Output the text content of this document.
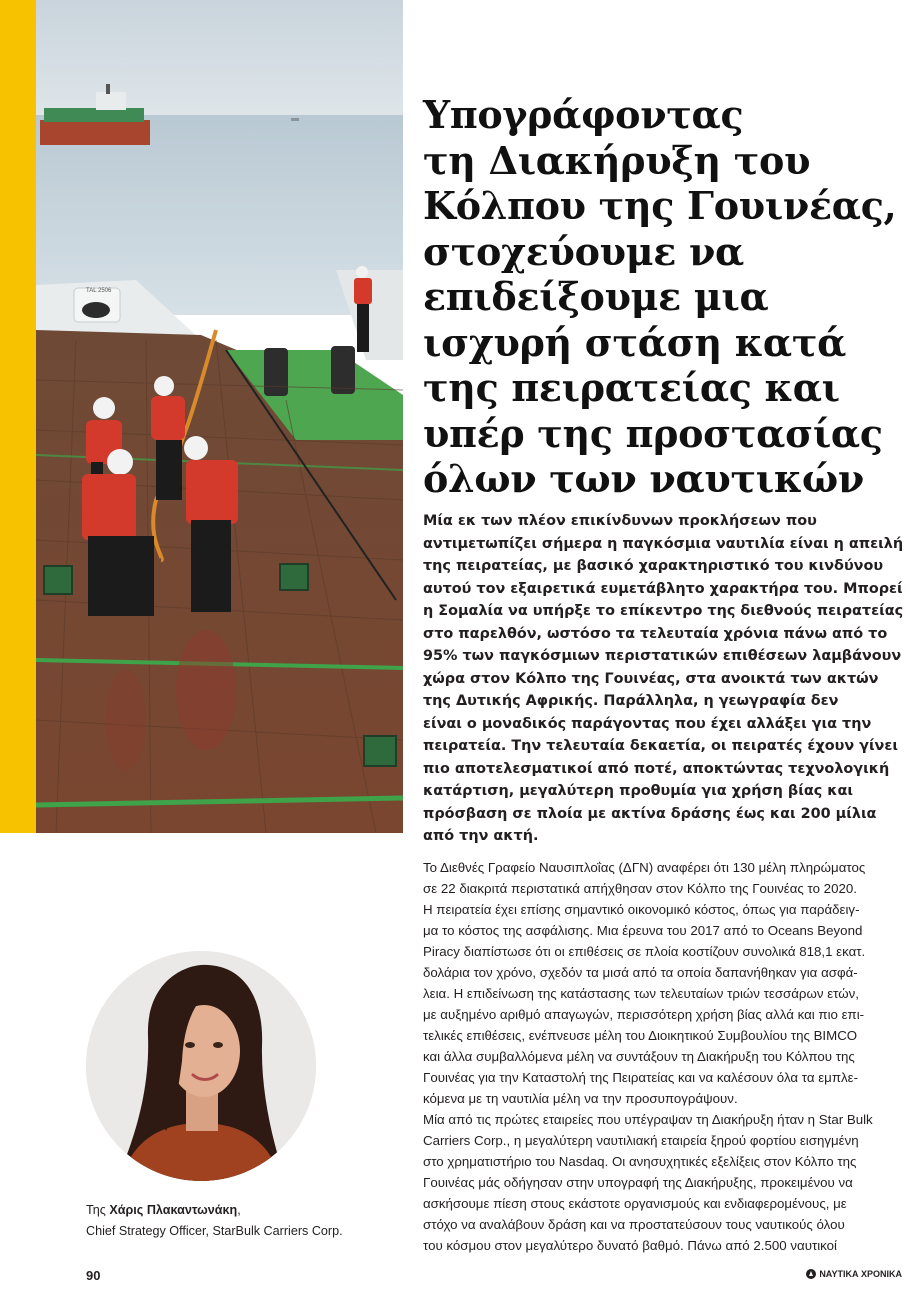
TAL 2506
Υπογράφοντας
τη Διακήρυξη του
Κόλπου της Γουινέας,
στοχεύουμε να
επιδείξουμε μια
ισχυρή στάση κατά
της πειρατείας και
υπέρ της προστασίας
όλων των ναυτικών

Μία εκ των πλέον επικίνδυνων προκλήσεων που
αντιμετωπίζει σήμερα η παγκόσμια ναυτιλία είναι η απειλή
της πειρατείας, με βασικό χαρακτηριστικό του κινδύνου
αυτού τον εξαιρετικά ευμετάβλητο χαρακτήρα του. Μπορεί
η Σομαλία να υπήρξε το επίκεντρο της διεθνούς πειρατείας
στο παρελθόν, ωστόσο τα τελευταία χρόνια πάνω από το
95% των παγκόσμιων περιστατικών επιθέσεων λαμβάνουν
χώρα στον Κόλπο της Γουινέας, στα ανοικτά των ακτών
της Δυτικής Αφρικής. Παράλληλα, η γεωγραφία δεν
είναι ο μοναδικός παράγοντας που έχει αλλάξει για την
πειρατεία. Την τελευταία δεκαετία, οι πειρατές έχουν γίνει
πιο αποτελεσματικοί από ποτέ, αποκτώντας τεχνολογική
κατάρτιση, μεγαλύτερη προθυμία για χρήση βίας και
πρόσβαση σε πλοία με ακτίνα δράσης έως και 200 μίλια
από την ακτή.

Το Διεθνές Γραφείο Ναυσιπλοΐας (ΔΓΝ) αναφέρει ότι 130 μέλη πληρώματος
σε 22 διακριτά περιστατικά απήχθησαν στον Κόλπο της Γουινέας το 2020.
Η πειρατεία έχει επίσης σημαντικό οικονομικό κόστος, όπως για παράδειγ-
μα το κόστος της ασφάλισης. Μια έρευνα του 2017 από το Oceans Beyond
Piracy διαπίστωσε ότι οι επιθέσεις σε πλοία κοστίζουν συνολικά 818,1 εκατ.
δολάρια τον χρόνο, σχεδόν τα μισά από τα οποία δαπανήθηκαν για ασφά-
λεια. Η επιδείνωση της κατάστασης των τελευταίων τριών τεσσάρων ετών,
με αυξημένο αριθμό απαγωγών, περισσότερη χρήση βίας αλλά και πιο επι-
τελικές επιθέσεις, ενέπνευσε μέλη του Διοικητικού Συμβουλίου της BIMCO
και άλλα συμβαλλόμενα μέλη να συντάξουν τη Διακήρυξη του Κόλπου της
Γουινέας για την Καταστολή της Πειρατείας και να καλέσουν όλα τα εμπλε-
κόμενα με τη ναυτιλία μέλη να την προσυπογράψουν.
Μία από τις πρώτες εταιρείες που υπέγραψαν τη Διακήρυξη ήταν η Star Bulk
Carriers Corp., η μεγαλύτερη ναυτιλιακή εταιρεία ξηρού φορτίου εισηγμένη
στο χρηματιστήριο του Nasdaq. Οι ανησυχητικές εξελίξεις στον Κόλπο της
Γουινέας μάς οδήγησαν στην υπογραφή της Διακήρυξης, προκειμένου να
ασκήσουμε πίεση στους εκάστοτε οργανισμούς και ενδιαφερομένους, με
στόχο να αναλάβουν δράση και να προστατεύσουν τους ναυτικούς όλου
του κόσμου στον μεγαλύτερο δυνατό βαθμό. Πάνω από 2.500 ναυτικοί

Της Χάρις Πλακαντωνάκη,
Chief Strategy Officer, StarBulk Carriers Corp.
90	ΝΑΥΤΙΚΑ ΧΡΟΝΙΚΑ
